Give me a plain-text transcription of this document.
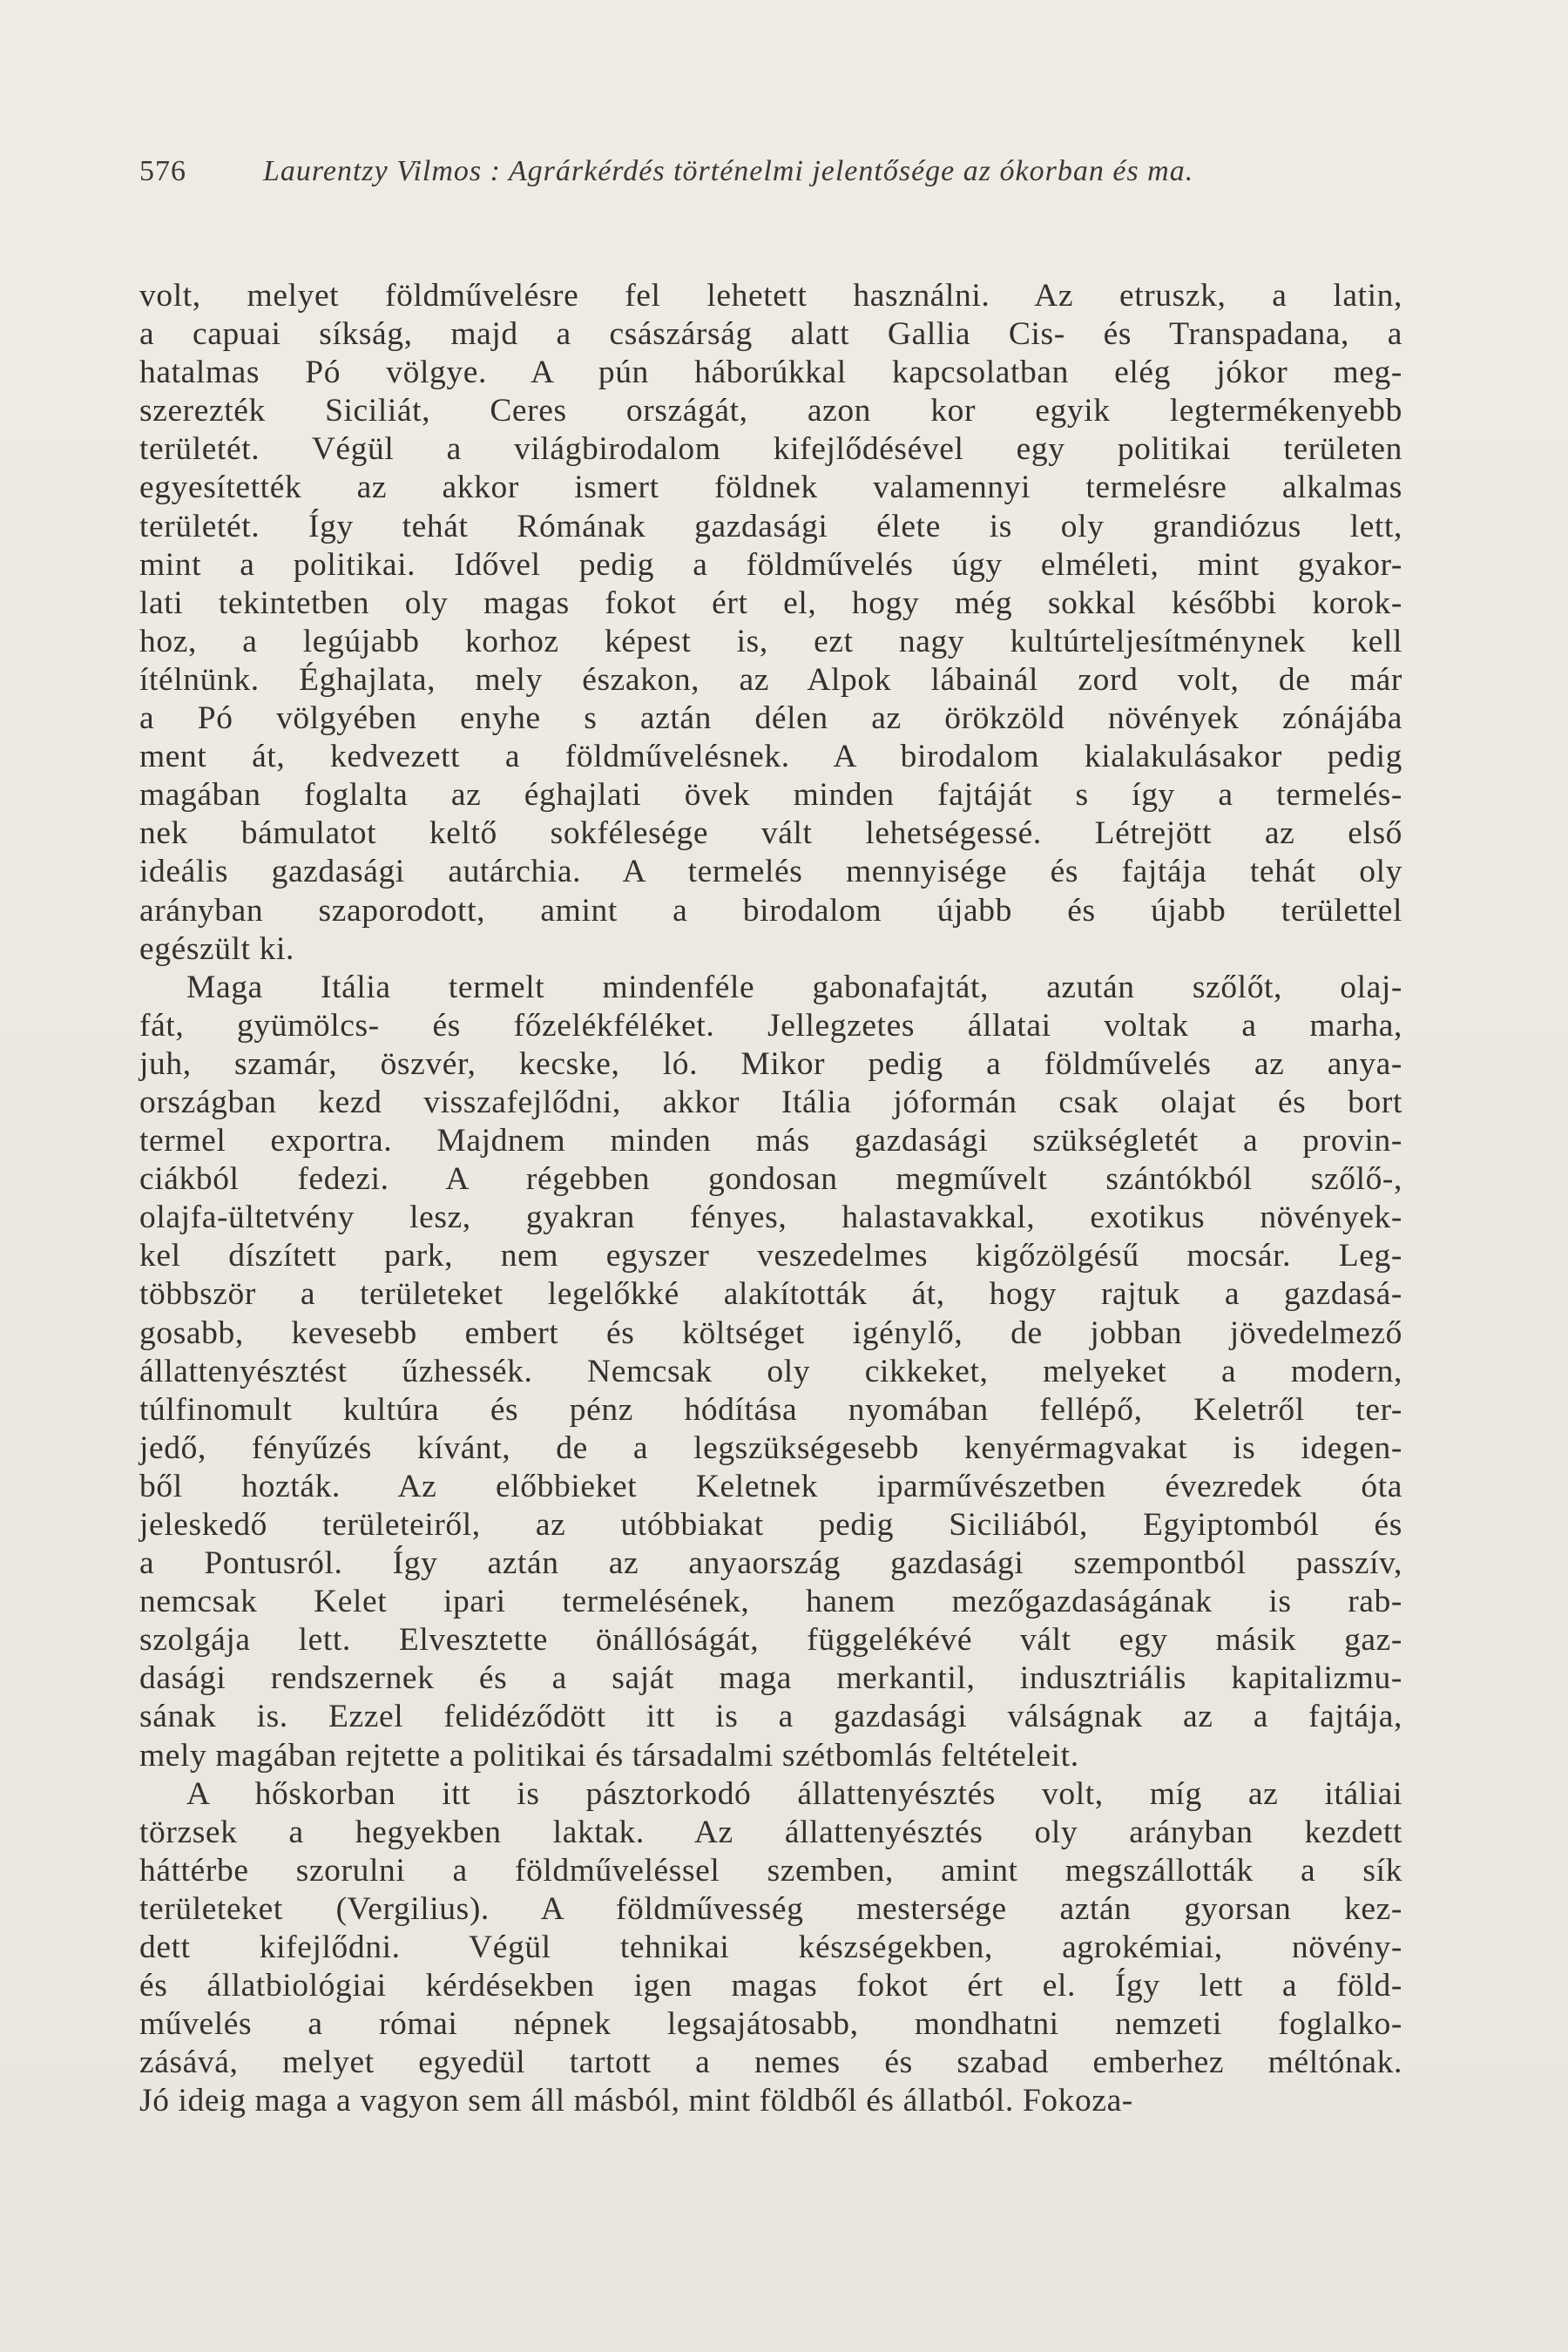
576	Laurentzy Vilmos : Agrárkérdés történelmi jelentősége az ókorban és ma.
volt, melyet földművelésre fel lehetett használni. Az etruszk, a latin,
a capuai síkság, majd a császárság alatt Gallia Cis- és Transpadana, a
hatalmas Pó völgye. A pún háborúkkal kapcsolatban elég jókor meg-
szerezték Siciliát, Ceres országát, azon kor egyik legtermékenyebb
területét. Végül a világbirodalom kifejlődésével egy politikai területen
egyesítették az akkor ismert földnek valamennyi termelésre alkalmas
területét. Így tehát Rómának gazdasági élete is oly grandiózus lett,
mint a politikai. Idővel pedig a földművelés úgy elméleti, mint gyakor-
lati tekintetben oly magas fokot ért el, hogy még sokkal későbbi korok-
hoz, a legújabb korhoz képest is, ezt nagy kultúrteljesítménynek kell
ítélnünk. Éghajlata, mely északon, az Alpok lábainál zord volt, de már
a Pó völgyében enyhe s aztán délen az örökzöld növények zónájába
ment át, kedvezett a földművelésnek. A birodalom kialakulásakor pedig
magában foglalta az éghajlati övek minden fajtáját s így a termelés-
nek bámulatot keltő sokfélesége vált lehetségessé. Létrejött az első
ideális gazdasági autárchia. A termelés mennyisége és fajtája tehát oly
arányban szaporodott, amint a birodalom újabb és újabb területtel
egészült ki.
Maga Itália termelt mindenféle gabonafajtát, azután szőlőt, olaj-
fát, gyümölcs- és főzelékféléket. Jellegzetes állatai voltak a marha,
juh, szamár, öszvér, kecske, ló. Mikor pedig a földművelés az anya-
országban kezd visszafejlődni, akkor Itália jóformán csak olajat és bort
termel exportra. Majdnem minden más gazdasági szükségletét a provin-
ciákból fedezi. A régebben gondosan megművelt szántókból szőlő-,
olajfa-ültetvény lesz, gyakran fényes, halastavakkal, exotikus növények-
kel díszített park, nem egyszer veszedelmes kigőzölgésű mocsár. Leg-
többször a területeket legelőkké alakították át, hogy rajtuk a gazdasá-
gosabb, kevesebb embert és költséget igénylő, de jobban jövedelmező
állattenyésztést űzhessék. Nemcsak oly cikkeket, melyeket a modern,
túlfinomult kultúra és pénz hódítása nyomában fellépő, Keletről ter-
jedő, fényűzés kívánt, de a legszükségesebb kenyérmagvakat is idegen-
ből hozták. Az előbbieket Keletnek iparművészetben évezredek óta
jeleskedő területeiről, az utóbbiakat pedig Siciliából, Egyiptomból és
a Pontusról. Így aztán az anyaország gazdasági szempontból passzív,
nemcsak Kelet ipari termelésének, hanem mezőgazdaságának is rab-
szolgája lett. Elvesztette önállóságát, függelékévé vált egy másik gaz-
dasági rendszernek és a saját maga merkantil, indusztriális kapitalizmu-
sának is. Ezzel felidéződött itt is a gazdasági válságnak az a fajtája,
mely magában rejtette a politikai és társadalmi szétbomlás feltételeit.
A hőskorban itt is pásztorkodó állattenyésztés volt, míg az itáliai
törzsek a hegyekben laktak. Az állattenyésztés oly arányban kezdett
háttérbe szorulni a földműveléssel szemben, amint megszállották a sík
területeket (Vergilius). A földművesség mestersége aztán gyorsan kez-
dett kifejlődni. Végül tehnikai készségekben, agrokémiai, növény-
és állatbiológiai kérdésekben igen magas fokot ért el. Így lett a föld-
művelés a római népnek legsajátosabb, mondhatni nemzeti foglalko-
zásává, melyet egyedül tartott a nemes és szabad emberhez méltónak.
Jó ideig maga a vagyon sem áll másból, mint földből és állatból. Fokoza-
